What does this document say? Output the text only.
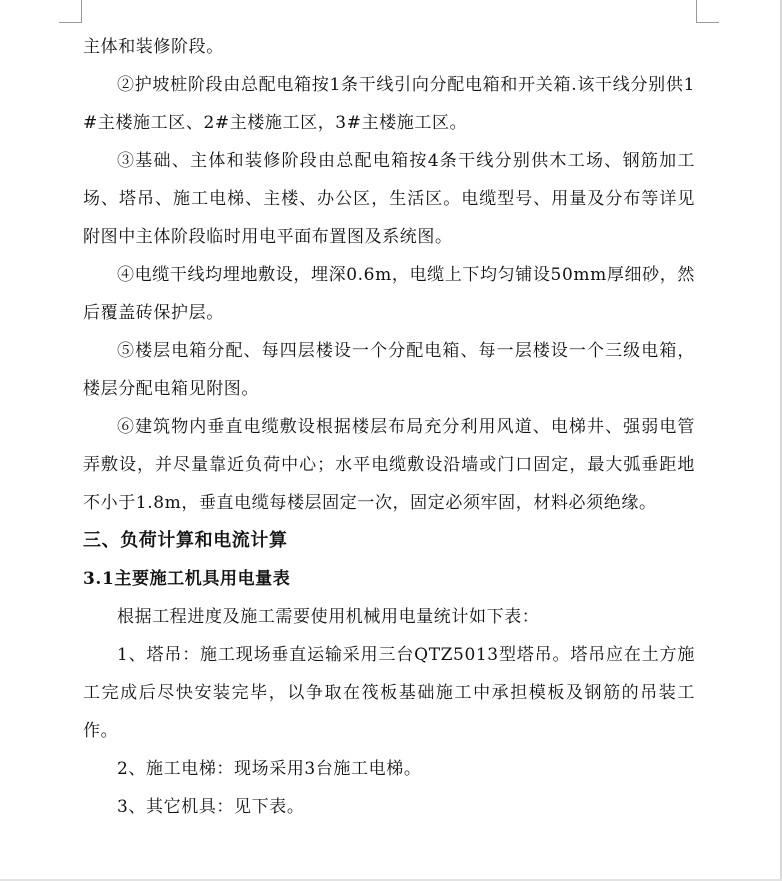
主体和装修阶段。

②护坡桩阶段由总配电箱按1条干线引向分配电箱和开关箱.该干线分别供1#主楼施工区、2#主楼施工区，3#主楼施工区。

③基础、主体和装修阶段由总配电箱按4条干线分别供木工场、钢筋加工场、塔吊、施工电梯、主楼、办公区，生活区。电缆型号、用量及分布等详见附图中主体阶段临时用电平面布置图及系统图。

④电缆干线均埋地敷设，埋深0.6m，电缆上下均匀铺设50mm厚细砂，然后覆盖砖保护层。

⑤楼层电箱分配、每四层楼设一个分配电箱、每一层楼设一个三级电箱，楼层分配电箱见附图。

⑥建筑物内垂直电缆敷设根据楼层布局充分利用风道、电梯井、强弱电管弄敷设，并尽量靠近负荷中心；水平电缆敷设沿墙或门口固定，最大弧垂距地不小于1.8m，垂直电缆每楼层固定一次，固定必须牢固，材料必须绝缘。

三、负荷计算和电流计算

3.1主要施工机具用电量表

根据工程进度及施工需要使用机械用电量统计如下表：

1、塔吊：施工现场垂直运输采用三台QTZ5013型塔吊。塔吊应在土方施工完成后尽快安装完毕，以争取在筏板基础施工中承担模板及钢筋的吊装工作。

2、施工电梯：现场采用3台施工电梯。

3、其它机具：见下表。
